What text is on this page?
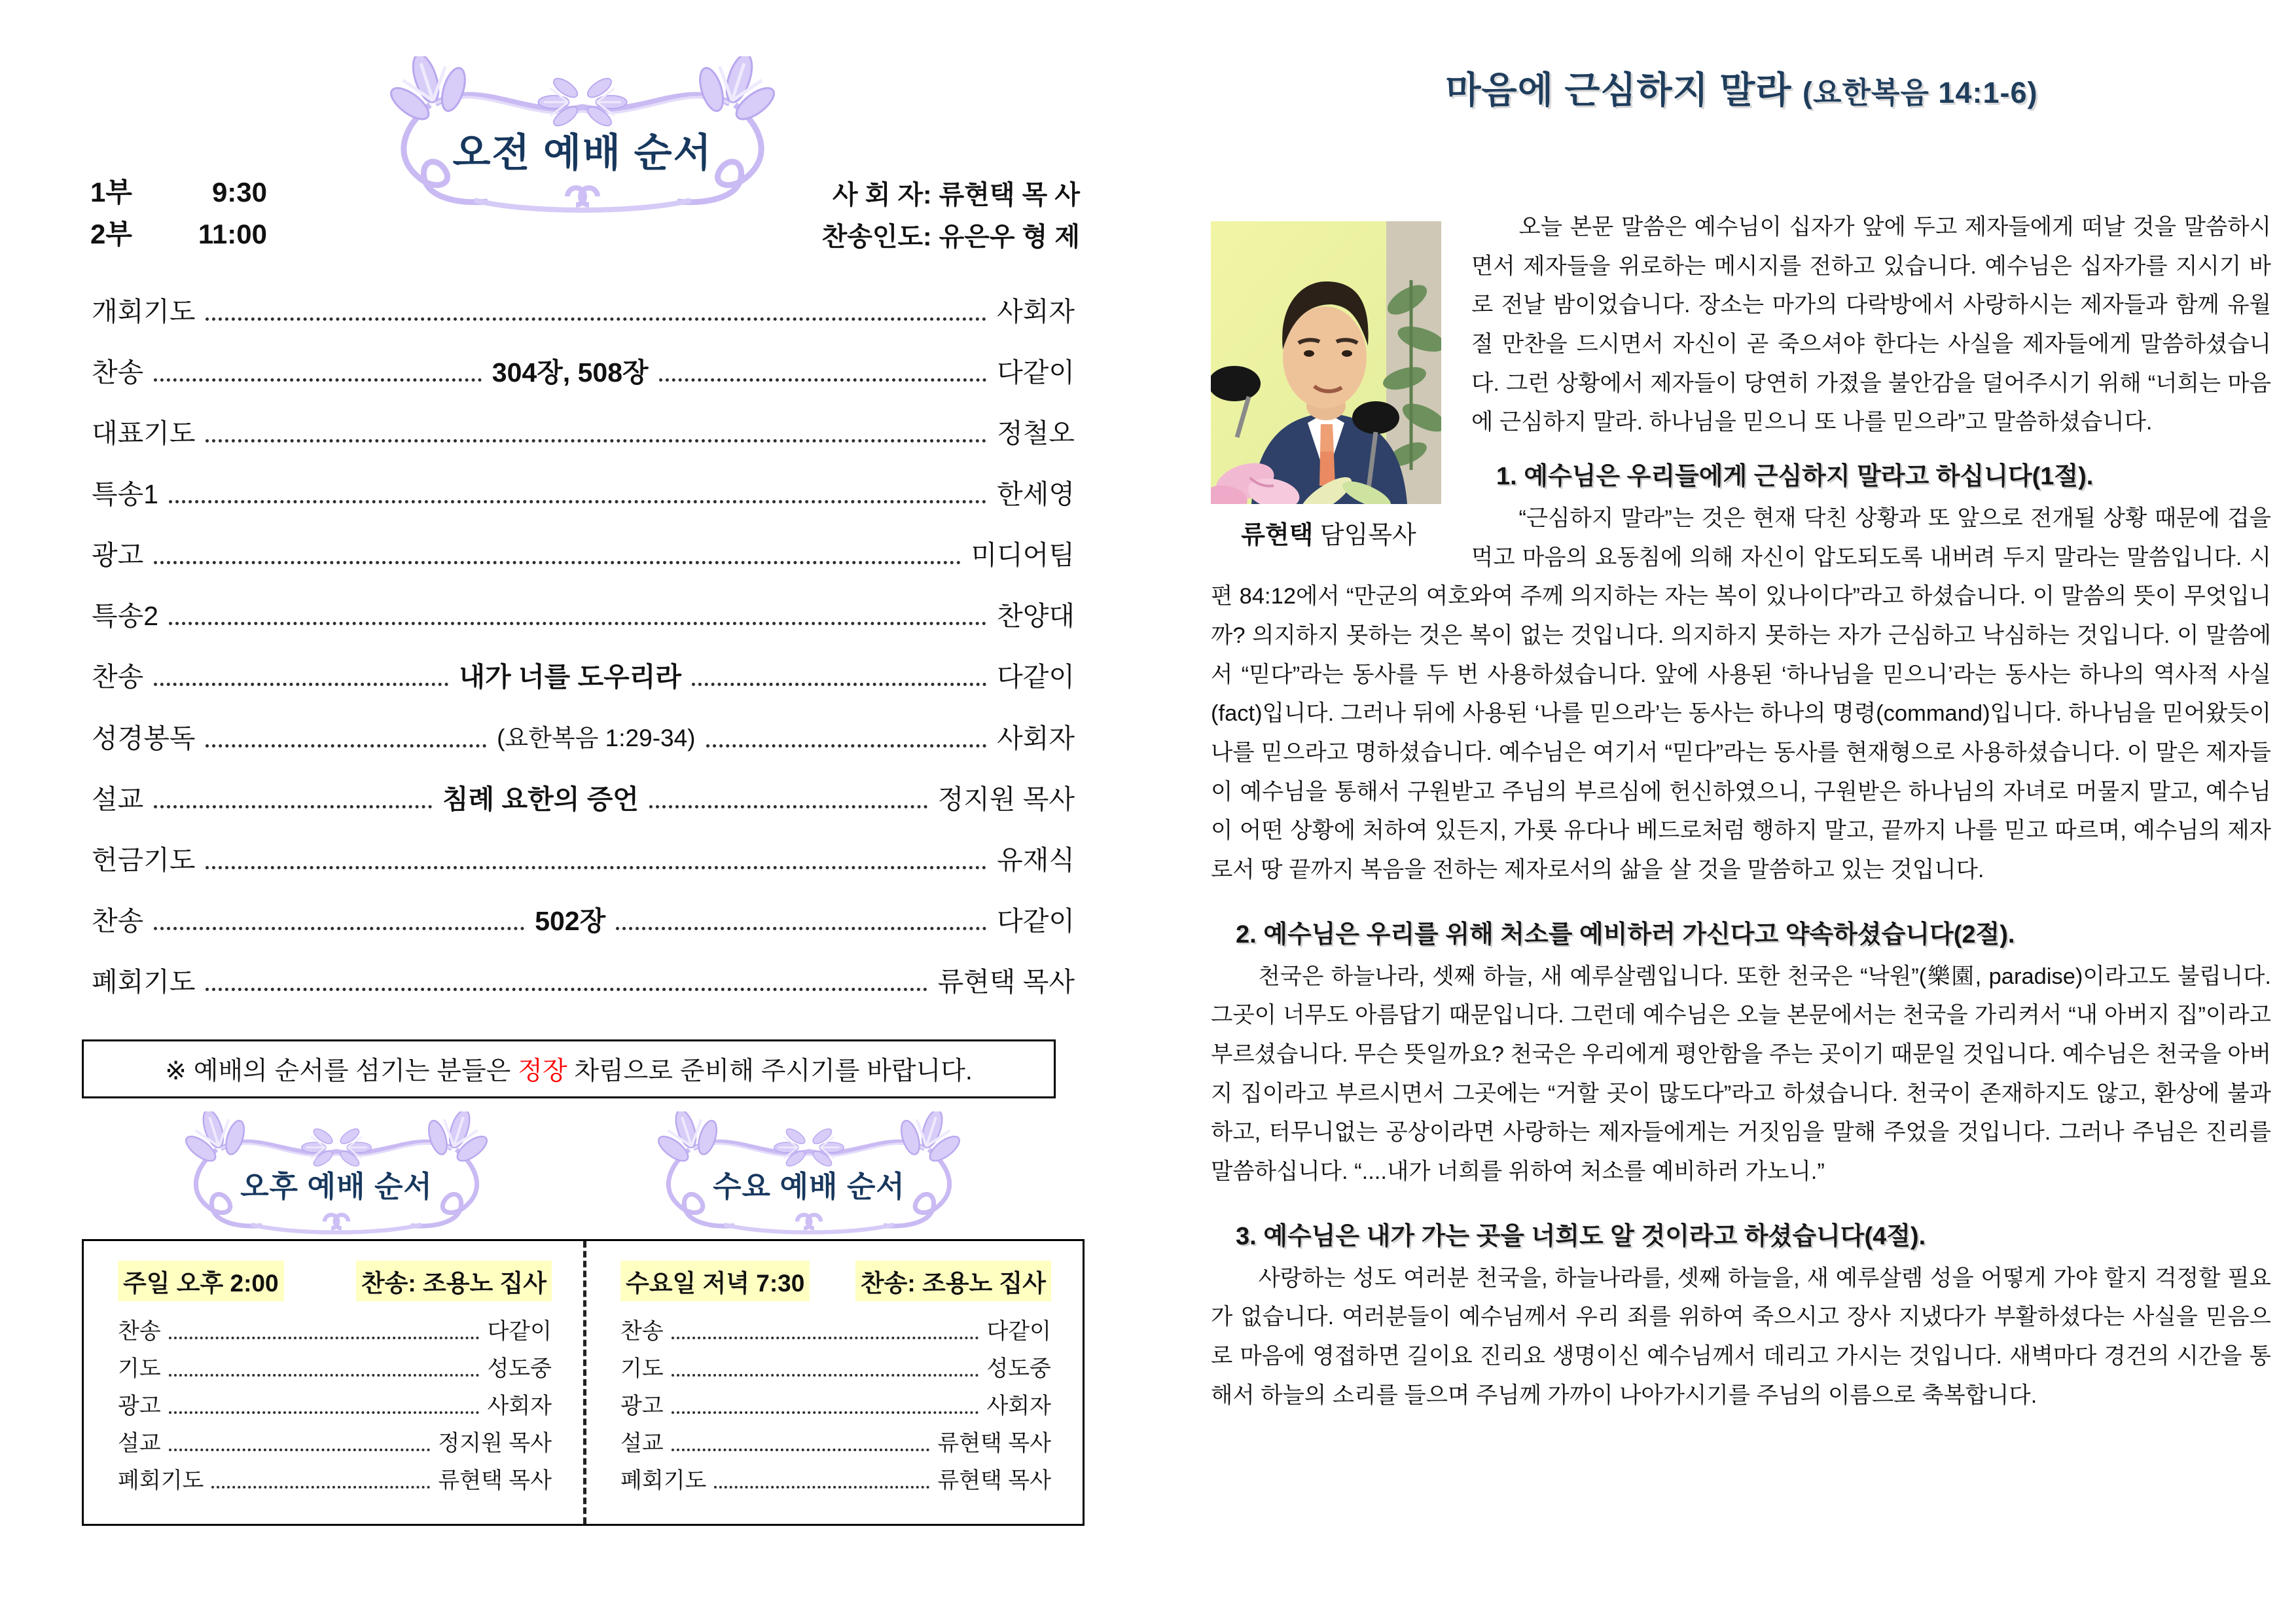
1부	9:30
2부 11:00
오전 예배 순서
사 회 자: 류현택 목 사
찬송인도: 유은우 형 제
개회기도	사회자
찬송	304장, 508장	다같이
대표기도	정철오
특송1	한세영
광고	미디어팀
특송2	찬양대
찬송	내가 너를 도우리라	다같이
성경봉독	(요한복음 1:29-34)	사회자
설교	침례 요한의 증언	정지원 목사
헌금기도	유재식
찬송	502장	다같이
폐회기도	류현택 목사
※ 예배의 순서를 섬기는 분들은 정장 차림으로 준비해 주시기를 바랍니다.
오후 예배 순서	수요 예배 순서
주일 오후 2:00	찬송: 조용노 집사
찬송	다같이
기도	성도중
광고	사회자
설교	정지원 목사
폐회기도	류현택 목사
수요일 저녁 7:30 찬송: 조용노 집사
찬송	다같이
기도	성도중
광고	사회자
설교	류현택 목사
폐회기도	류현택 목사
마음에 근심하지 말라 (요한복음 14:1-6)
류현택 담임목사

오늘 본문 말씀은 예수님이 십자가 앞에 두고 제자들에게 떠날 것을 말씀하시면서 제자들을 위로하는 메시지를 전하고 있습니다. 예수님은 십자가를 지시기 바로 전날 밤이었습니다. 장소는 마가의 다락방에서 사랑하시는 제자들과 함께 유월절 만찬을 드시면서 자신이 곧 죽으셔야 한다는 사실을 제자들에게 말씀하셨습니다. 그런 상황에서 제자들이 당연히 가졌을 불안감을 덜어주시기 위해 “너희는 마음에 근심하지 말라. 하나님을 믿으니 또 나를 믿으라”고 말씀하셨습니다.

1. 예수님은 우리들에게 근심하지 말라고 하십니다(1절).

“근심하지 말라”는 것은 현재 닥친 상황과 또 앞으로 전개될 상황 때문에 겁을 먹고 마음의 요동침에 의해 자신이 압도되도록 내버려 두지 말라는 말씀입니다. 시편 84:12에서 “만군의 여호와여 주께 의지하는 자는 복이 있나이다”라고 하셨습니다. 이 말씀의 뜻이 무엇입니까? 의지하지 못하는 것은 복이 없는 것입니다. 의지하지 못하는 자가 근심하고 낙심하는 것입니다. 이 말씀에서 “믿다”라는 동사를 두 번 사용하셨습니다. 앞에 사용된 ‘하나님을 믿으니’라는 동사는 하나의 역사적 사실(fact)입니다. 그러나 뒤에 사용된 ‘나를 믿으라’는 동사는 하나의 명령(command)입니다. 하나님을 믿어왔듯이 나를 믿으라고 명하셨습니다. 예수님은 여기서 “믿다”라는 동사를 현재형으로 사용하셨습니다. 이 말은 제자들이 예수님을 통해서 구원받고 주님의 부르심에 헌신하였으니, 구원받은 하나님의 자녀로 머물지 말고, 예수님이 어떤 상황에 처하여 있든지, 가룟 유다나 베드로처럼 행하지 말고, 끝까지 나를 믿고 따르며, 예수님의 제자로서 땅 끝까지 복음을 전하는 제자로서의 삶을 살 것을 말씀하고 있는 것입니다.

2. 예수님은 우리를 위해 처소를 예비하러 가신다고 약속하셨습니다(2절).

천국은 하늘나라, 셋째 하늘, 새 예루살렘입니다. 또한 천국은 “낙원”(樂園, paradise)이라고도 불립니다. 그곳이 너무도 아름답기 때문입니다. 그런데 예수님은 오늘 본문에서는 천국을 가리켜서 “내 아버지 집”이라고 부르셨습니다. 무슨 뜻일까요? 천국은 우리에게 평안함을 주는 곳이기 때문일 것입니다. 예수님은 천국을 아버지 집이라고 부르시면서 그곳에는 “거할 곳이 많도다”라고 하셨습니다. 천국이 존재하지도 않고, 환상에 불과하고, 터무니없는 공상이라면 사랑하는 제자들에게는 거짓임을 말해 주었을 것입니다. 그러나 주님은 진리를 말씀하십니다. “....내가 너희를 위하여 처소를 예비하러 가노니.”

3. 예수님은 내가 가는 곳을 너희도 알 것이라고 하셨습니다(4절).

사랑하는 성도 여러분 천국을, 하늘나라를, 셋째 하늘을, 새 예루살렘 성을 어떻게 가야 할지 걱정할 필요가 없습니다. 여러분들이 예수님께서 우리 죄를 위하여 죽으시고 장사 지냈다가 부활하셨다는 사실을 믿음으로 마음에 영접하면 길이요 진리요 생명이신 예수님께서 데리고 가시는 것입니다. 새벽마다 경건의 시간을 통해서 하늘의 소리를 들으며 주님께 가까이 나아가시기를 주님의 이름으로 축복합니다.
